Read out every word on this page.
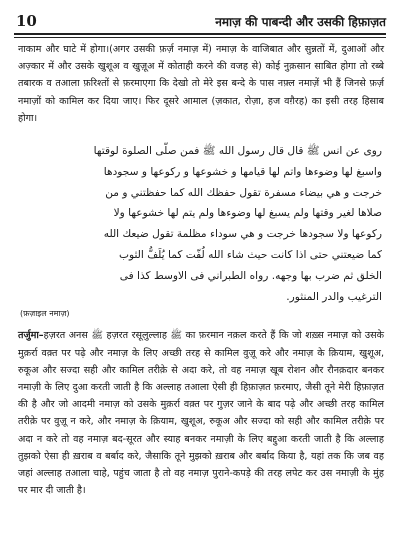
10	नमाज़ की पाबन्दी और उसकी हिफ़ाज़त

नाकाम और घाटे में होगा।(अगर उसकी फ़र्ज़ नमाज़ में) नमाज़ के वाजिबात और सुन्नतों में, दुआओं और अज़्कार में और उसके खुशूअ व खुज़ूअ में कोताही करने की वजह से) कोई नुक़सान साबित होगा तो रब्बे तबारक व तआला फ़रिश्तों से फ़रमाएगा कि देखो तो मेरे इस बन्दे के पास नफ़्ल नमाज़ें भी हैं जिनसे फ़र्ज़ नमाज़ों को कामिल कर दिया जाए। फिर दूसरे आमाल (ज़कात, रोज़ा, हज वग़ैरह) का इसी तरह हिसाब होगा।

روى عن انس ﷺ قال قال رسول الله ﷺ فمن صلّى الصلوة لوقتها
واسبغ لها وضوءها واتم لها قيامها و خشوعها و ركوعها و سجودها
خرجت و هي بيضاء مسفرة تقول حفظك الله كما حفظتني و من
صلاها لغير وقتها ولم يسبغ لها وضوءها ولم يتم لها خشوعها ولا
ركوعها ولا سجودها خرجت و هي سوداء مظلمة تقول ضيعك الله
كما ضيعتني حتى اذا كانت حيث شاء الله لُفّت كما يُلَفُّ الثوب
الخلق ثم ضرب بها وجهه. رواه الطبراني فى الاوسط كذا فى
الترغيب والدر المنثور.
(फ़ज़ाइल नमाज़)

तर्जुमा–हज़रत अनस ﷺ हज़रत रसूलुल्लाह ﷺ का फ़रमान नक़ल करते हैं कि जो शख़्स नमाज़ को उसके मुक़र्रा वक़्त पर पढ़े और नमाज़ के लिए अच्छी तरह से कामिल वुज़ू करे और नमाज़ के क़ियाम, खुशूअ, रुकूअ और सज्दा सही और कामिल तरीक़े से अदा करे, तो वह नमाज़ खूब रोशन और रौनक़दार बनकर नमाज़ी के लिए दुआ करती जाती है कि अल्लाह तआला ऐसी ही हिफ़ाज़त फ़रमाए, जैसी तूने मेरी हिफ़ाज़त की है और जो आदमी नमाज़ को उसके मुक़र्रा वक़्त पर गुज़र जाने के बाद पढ़े और अच्छी तरह कामिल तरीक़े पर वुज़ू न करे, और नमाज़ के क़ियाम, खुशूअ, रुकूअ और सज्दा को सही और कामिल तरीक़े पर अदा न करे तो वह नमाज़ बद-सूरत और स्याह बनकर नमाज़ी के लिए बद्दुआ करती जाती है कि अल्लाह तुझको ऐसा ही ख़राब व बर्बाद करे, जैसाकि तूने मुझको ख़राब और बर्बाद किया है, यहां तक कि जब वह जहां अल्लाह तआला चाहे, पहुंच जाता है तो वह नमाज़ पुराने-कपड़े की तरह लपेट कर उस नमाज़ी के मुंह पर मार दी जाती है।
